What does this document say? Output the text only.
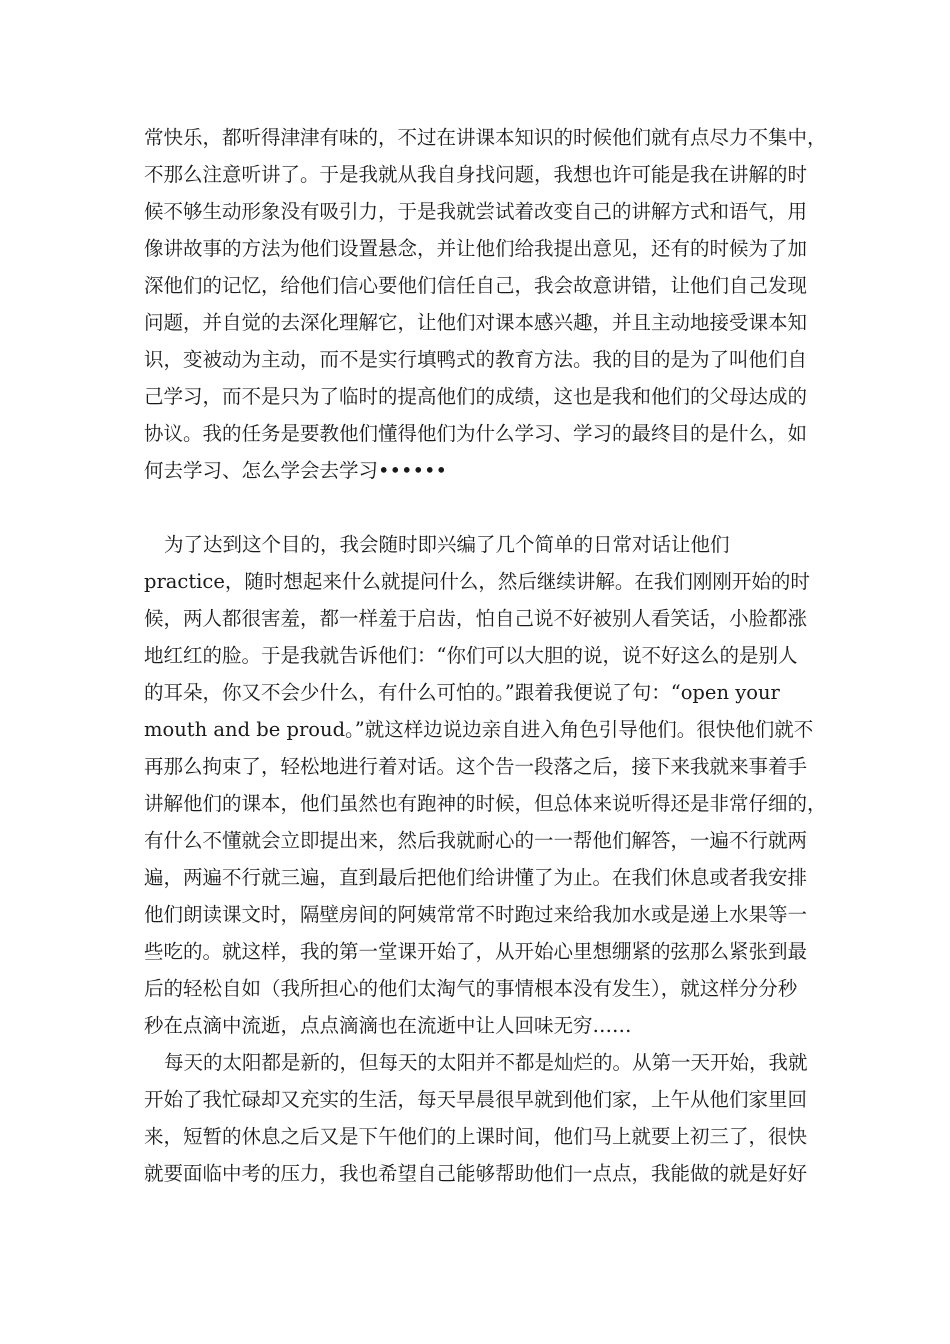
常快乐，都听得津津有味的，不过在讲课本知识的时候他们就有点尽力不集中，

不那么注意听讲了。于是我就从我自身找问题，我想也许可能是我在讲解的时

候不够生动形象没有吸引力，于是我就尝试着改变自己的讲解方式和语气，用

像讲故事的方法为他们设置悬念，并让他们给我提出意见，还有的时候为了加

深他们的记忆，给他们信心要他们信任自己，我会故意讲错，让他们自己发现

问题，并自觉的去深化理解它，让他们对课本感兴趣，并且主动地接受课本知

识，变被动为主动，而不是实行填鸭式的教育方法。我的目的是为了叫他们自

己学习，而不是只为了临时的提高他们的成绩，这也是我和他们的父母达成的

协议。我的任务是要教他们懂得他们为什么学习、学习的最终目的是什么，如

何去学习、怎么学会去学习••••••

为了达到这个目的，我会随时即兴编了几个简单的日常对话让他们

practice，随时想起来什么就提问什么，然后继续讲解。在我们刚刚开始的时

候，两人都很害羞，都一样羞于启齿，怕自己说不好被别人看笑话，小脸都涨

地红红的脸。于是我就告诉他们：“你们可以大胆的说，说不好这么的是别人

的耳朵，你又不会少什么，有什么可怕的。”跟着我便说了句：“open your

mouth and be proud。”就这样边说边亲自进入角色引导他们。很快他们就不

再那么拘束了，轻松地进行着对话。这个告一段落之后，接下来我就来事着手

讲解他们的课本，他们虽然也有跑神的时候，但总体来说听得还是非常仔细的，

有什么不懂就会立即提出来，然后我就耐心的一一帮他们解答，一遍不行就两

遍，两遍不行就三遍，直到最后把他们给讲懂了为止。在我们休息或者我安排

他们朗读课文时，隔壁房间的阿姨常常不时跑过来给我加水或是递上水果等一

些吃的。就这样，我的第一堂课开始了，从开始心里想绷紧的弦那么紧张到最

后的轻松自如（我所担心的他们太淘气的事情根本没有发生），就这样分分秒

秒在点滴中流逝，点点滴滴也在流逝中让人回味无穷……

每天的太阳都是新的，但每天的太阳并不都是灿烂的。从第一天开始，我就

开始了我忙碌却又充实的生活，每天早晨很早就到他们家，上午从他们家里回

来，短暂的休息之后又是下午他们的上课时间，他们马上就要上初三了，很快

就要面临中考的压力，我也希望自己能够帮助他们一点点，我能做的就是好好
